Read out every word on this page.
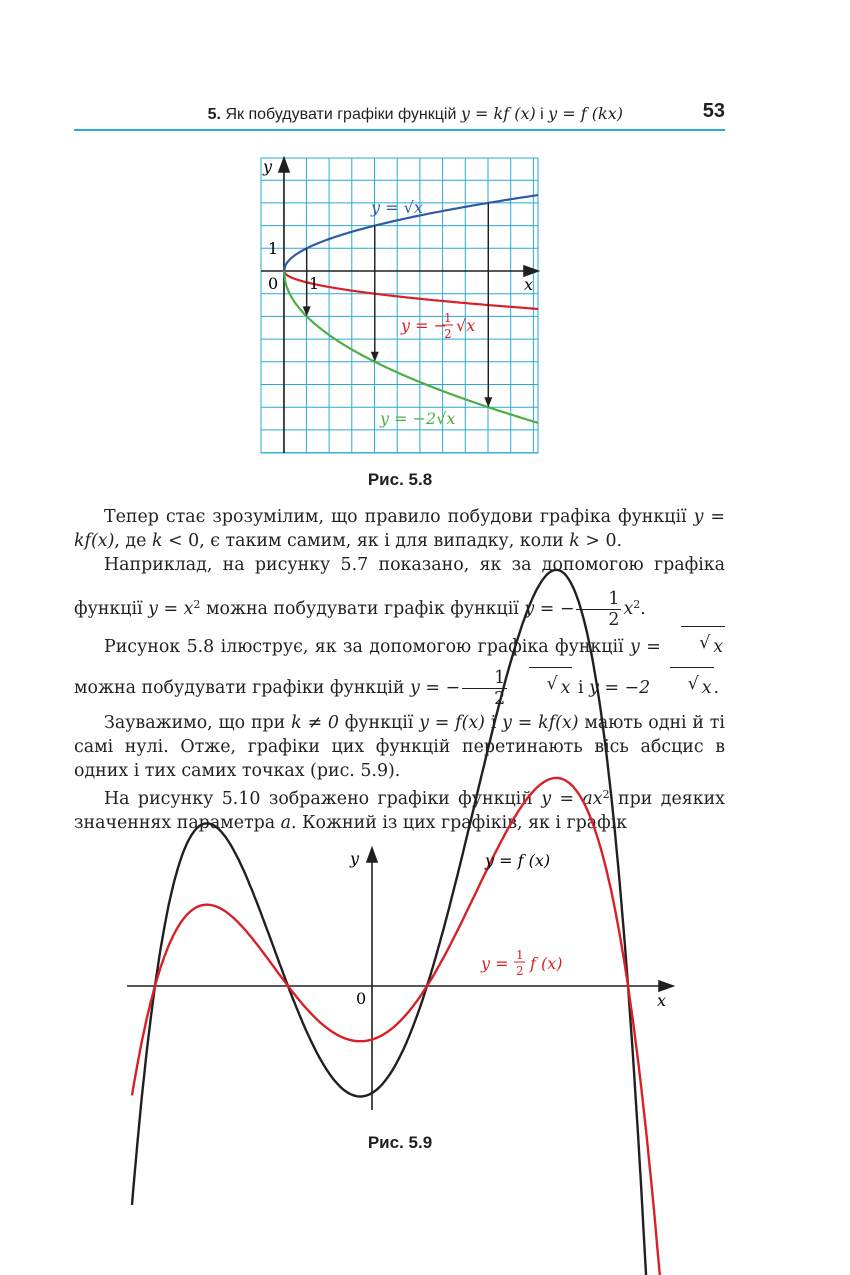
5. Як побудувати графіки функцій y = kf (x) і y = f (kx)	53
y
x
0 1
1
y = √x
y = −
1
2 √x
y = −2√x
Рис. 5.8

Тепер стає зрозумілим, що правило побудови графіка функції y = kf(x), де k < 0, є таким самим, як і для випадку, коли k > 0.

Наприклад, на рисунку 5.7 показано, як за допомогою графіка функції $y = x^2$ можна побудувати графік функції y = − $\frac{1}{2} x^2$.

Рисунок 5.8 ілюструє, як за допомогою графіка функції y =	√ x можна побудувати графіки функцій y = − $\frac{1}{2}$	√ x і y = −2	√ x .

Зауважимо, що при k ≠ 0 функції y = f(x) і y = kf(x) мають одні й ті самі нулі. Отже, графіки цих функцій перетинають вісь абсцис в одних і тих самих точках (рис. 5.9).

На рисунку 5.10 зображено графіки функцій $y = ax^2$ при деяких значеннях параметра a. Кожний із цих графіків, як і графік

y
x
0
y = f (x)
y = 1
2 f (x)
Рис. 5.9
